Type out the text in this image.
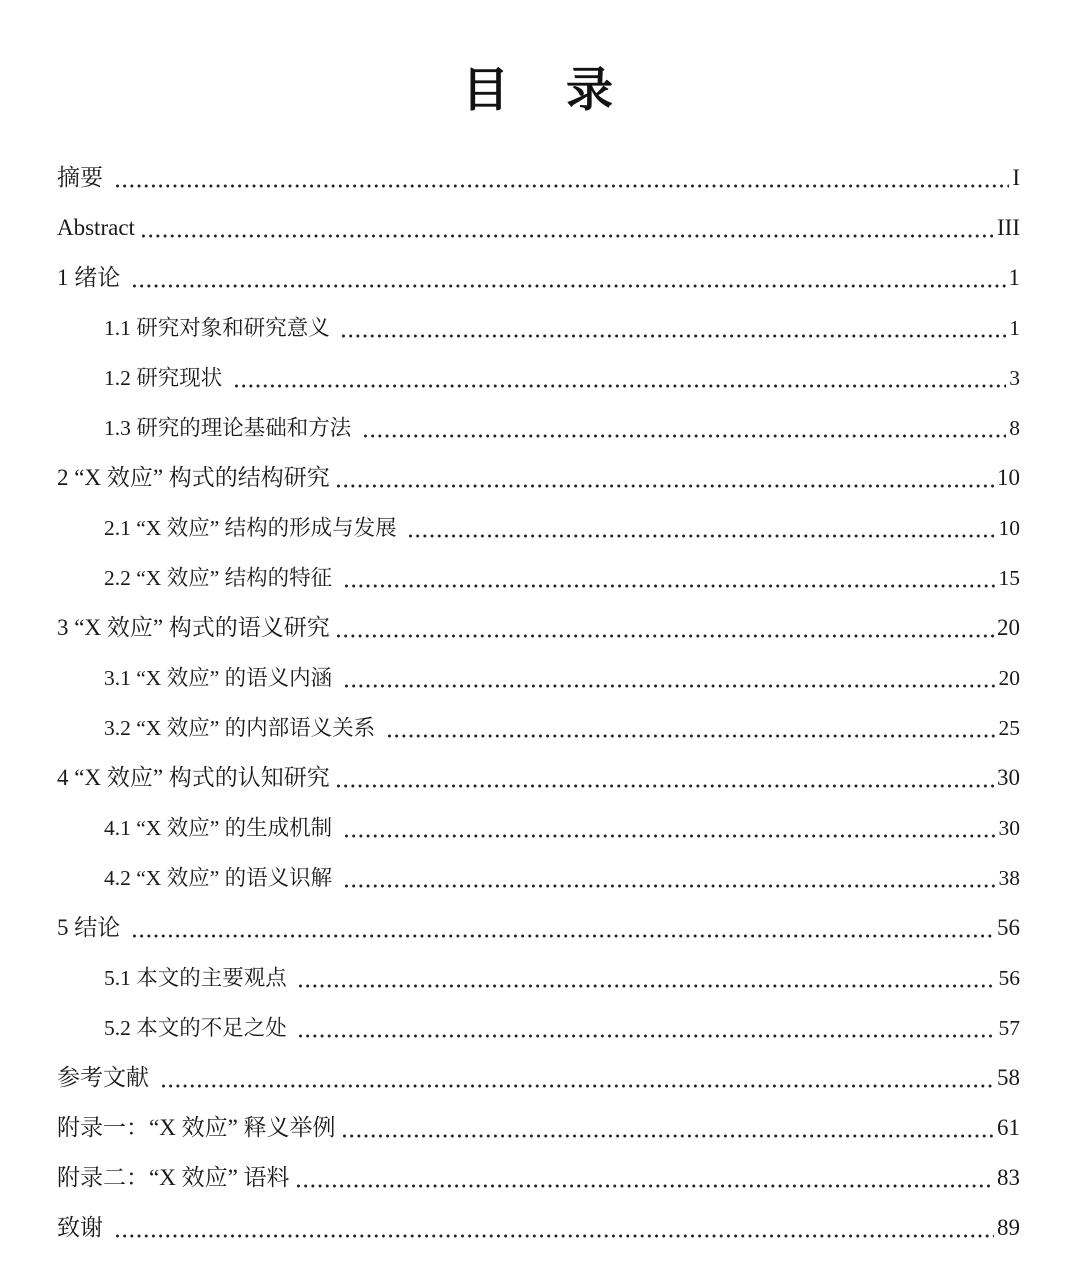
目 录
摘要	I
Abstract	III
1 绪论	1
1.1 研究对象和研究意义	1
1.2 研究现状	3
1.3 研究的理论基础和方法	8
2 “X 效应” 构式的结构研究	10
2.1 “X 效应” 结构的形成与发展	10
2.2 “X 效应” 结构的特征	15
3 “X 效应” 构式的语义研究	20
3.1 “X 效应” 的语义内涵	20
3.2 “X 效应” 的内部语义关系	25
4 “X 效应” 构式的认知研究	30
4.1 “X 效应” 的生成机制	30
4.2 “X 效应” 的语义识解	38
5 结论	56
5.1 本文的主要观点	56
5.2 本文的不足之处	57
参考文献	58
附录一：“X 效应” 释义举例	61
附录二：“X 效应” 语料	83
致谢	89
